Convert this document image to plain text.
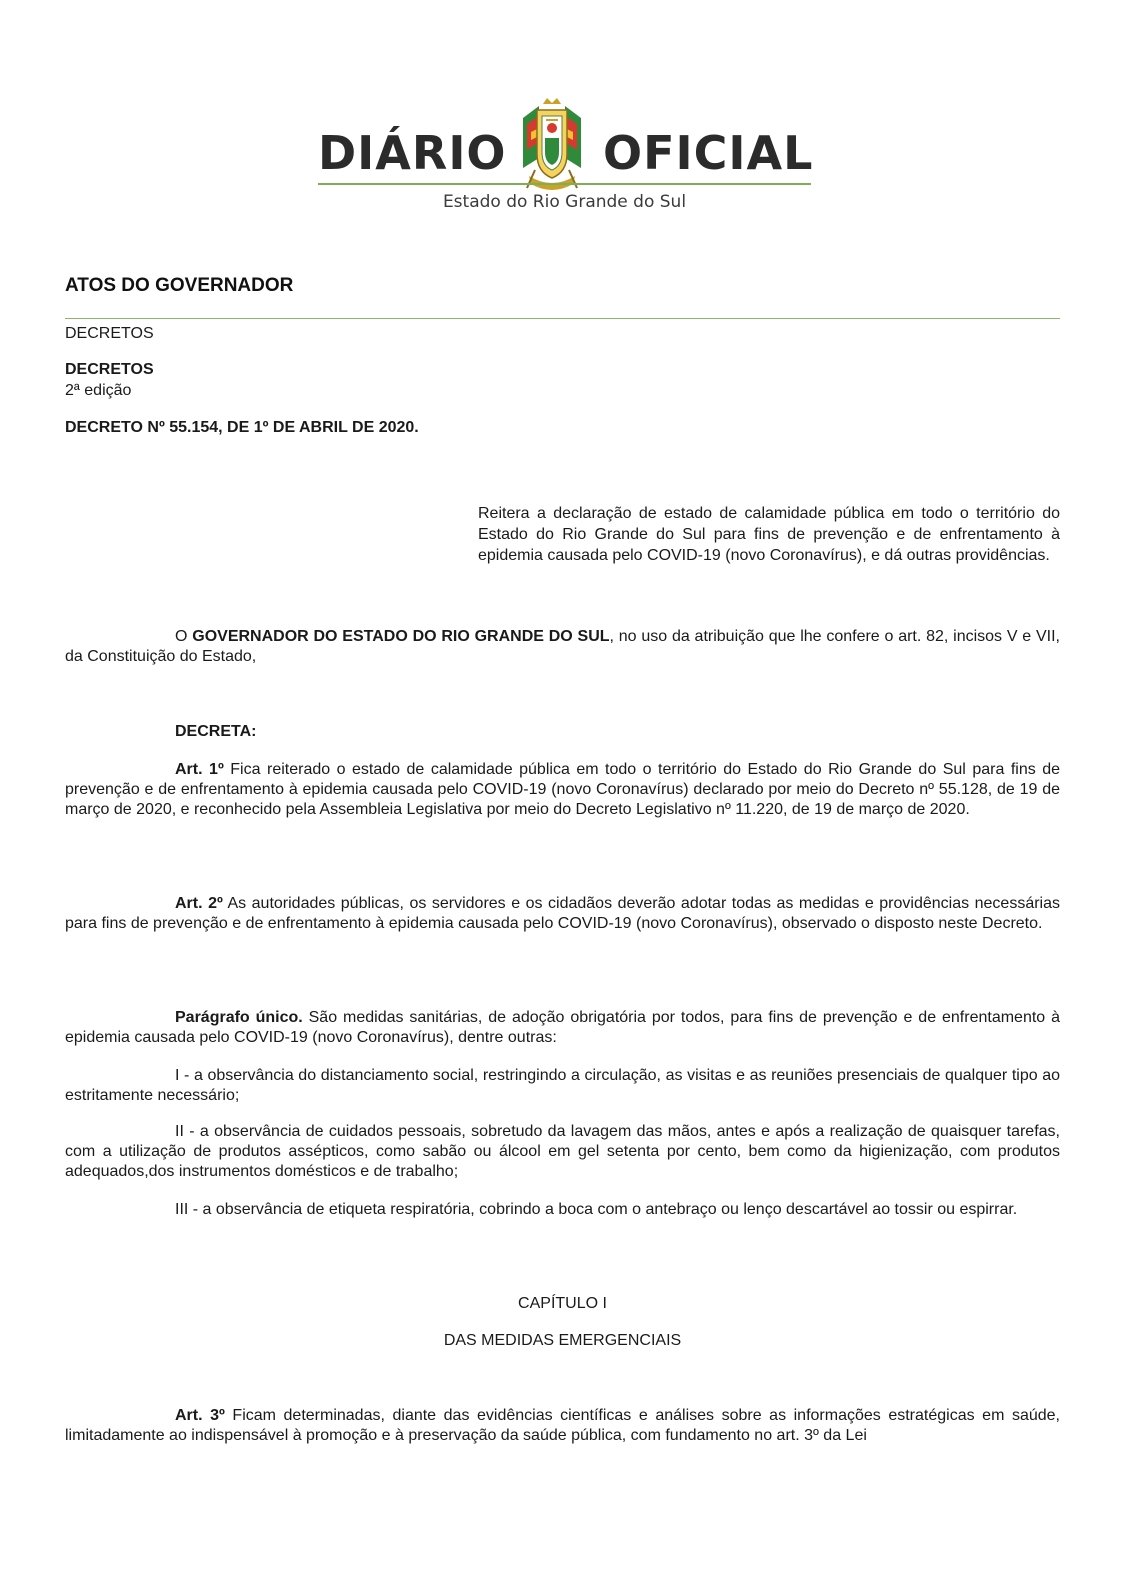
DIÁRIO OFICIAL
Estado do Rio Grande do Sul
ATOS DO GOVERNADOR
DECRETOS
DECRETOS
2ª edição
DECRETO Nº 55.154, DE 1º DE ABRIL DE 2020.
Reitera a declaração de estado de calamidade pública em todo o território do Estado do Rio Grande do Sul para fins de prevenção e de enfrentamento à epidemia causada pelo COVID-19 (novo Coronavírus), e dá outras providências.
O GOVERNADOR DO ESTADO DO RIO GRANDE DO SUL, no uso da atribuição que lhe confere o art. 82, incisos V e VII, da Constituição do Estado,
DECRETA:
Art. 1º Fica reiterado o estado de calamidade pública em todo o território do Estado do Rio Grande do Sul para fins de prevenção e de enfrentamento à epidemia causada pelo COVID-19 (novo Coronavírus) declarado por meio do Decreto nº 55.128, de 19 de março de 2020, e reconhecido pela Assembleia Legislativa por meio do Decreto Legislativo nº 11.220, de 19 de março de 2020.
Art. 2º As autoridades públicas, os servidores e os cidadãos deverão adotar todas as medidas e providências necessárias para fins de prevenção e de enfrentamento à epidemia causada pelo COVID-19 (novo Coronavírus), observado o disposto neste Decreto.
Parágrafo único. São medidas sanitárias, de adoção obrigatória por todos, para fins de prevenção e de enfrentamento à epidemia causada pelo COVID-19 (novo Coronavírus), dentre outras:
I - a observância do distanciamento social, restringindo a circulação, as visitas e as reuniões presenciais de qualquer tipo ao estritamente necessário;
II - a observância de cuidados pessoais, sobretudo da lavagem das mãos, antes e após a realização de quaisquer tarefas, com a utilização de produtos assépticos, como sabão ou álcool em gel setenta por cento, bem como da higienização, com produtos adequados,dos instrumentos domésticos e de trabalho;
III - a observância de etiqueta respiratória, cobrindo a boca com o antebraço ou lenço descartável ao tossir ou espirrar.
CAPÍTULO I
DAS MEDIDAS EMERGENCIAIS
Art. 3º Ficam determinadas, diante das evidências científicas e análises sobre as informações estratégicas em saúde, limitadamente ao indispensável à promoção e à preservação da saúde pública, com fundamento no art. 3º da Lei
